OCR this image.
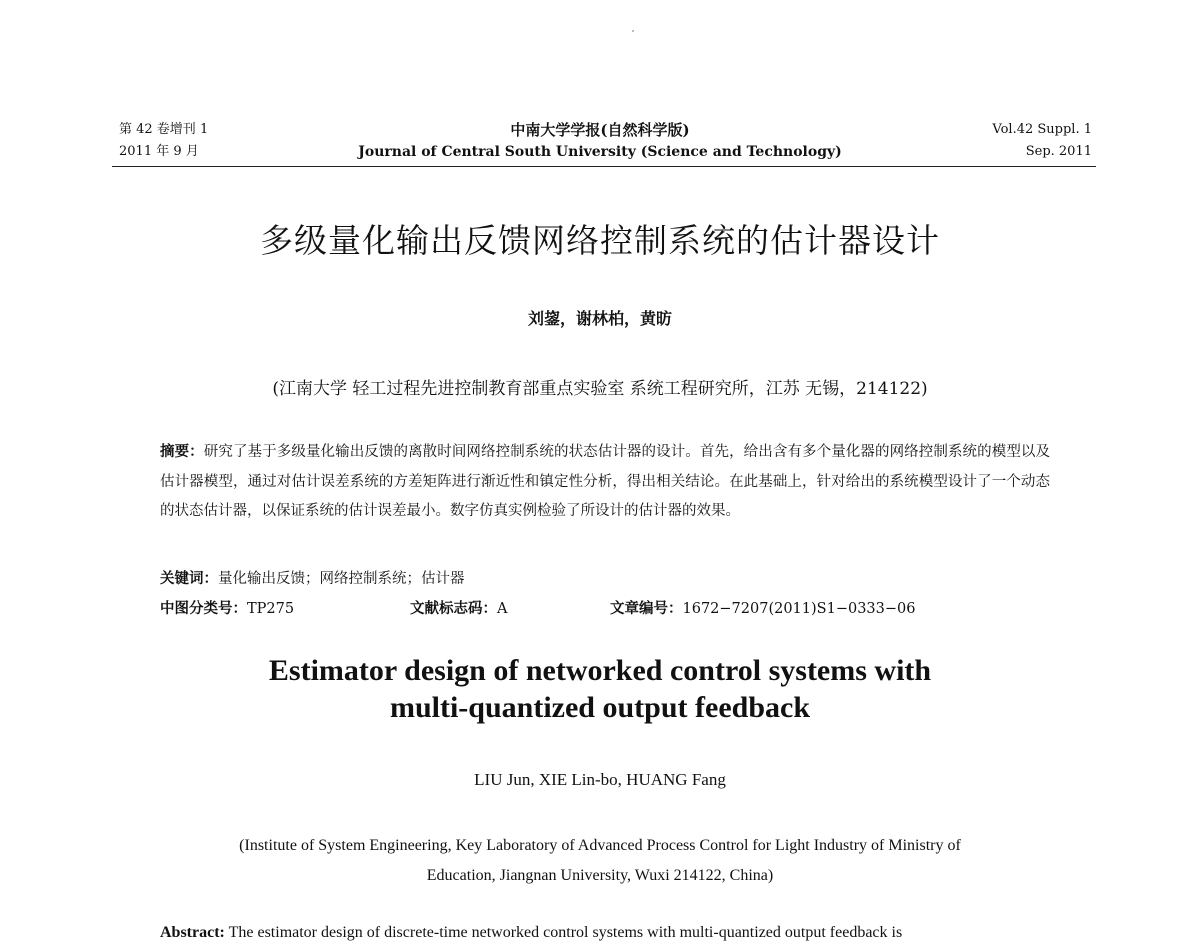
第 42 卷增刊 1
2011 年 9 月
中南大学学报(自然科学版)
Journal of Central South University (Science and Technology)
Vol.42 Suppl. 1
Sep. 2011
多级量化输出反馈网络控制系统的估计器设计
刘鋆，谢林柏，黄昉
(江南大学 轻工过程先进控制教育部重点实验室 系统工程研究所，江苏 无锡，214122)
摘要：研究了基于多级量化输出反馈的离散时间网络控制系统的状态估计器的设计。首先，给出含有多个量化器的网络控制系统的模型以及估计器模型，通过对估计误差系统的方差矩阵进行渐近性和镇定性分析，得出相关结论。在此基础上，针对给出的系统模型设计了一个动态的状态估计器，以保证系统的估计误差最小。数字仿真实例检验了所设计的估计器的效果。
关键词：量化输出反馈；网络控制系统；估计器
中图分类号：TP275	文献标志码：A	文章编号：1672−7207(2011)S1−0333−06
Estimator design of networked control systems with
multi-quantized output feedback
LIU Jun, XIE Lin-bo, HUANG Fang
(Institute of System Engineering, Key Laboratory of Advanced Process Control for Light Industry of Ministry of
Education, Jiangnan University, Wuxi 214122, China)
Abstract: The estimator design of discrete-time networked control systems with multi-quantized output feedback is
